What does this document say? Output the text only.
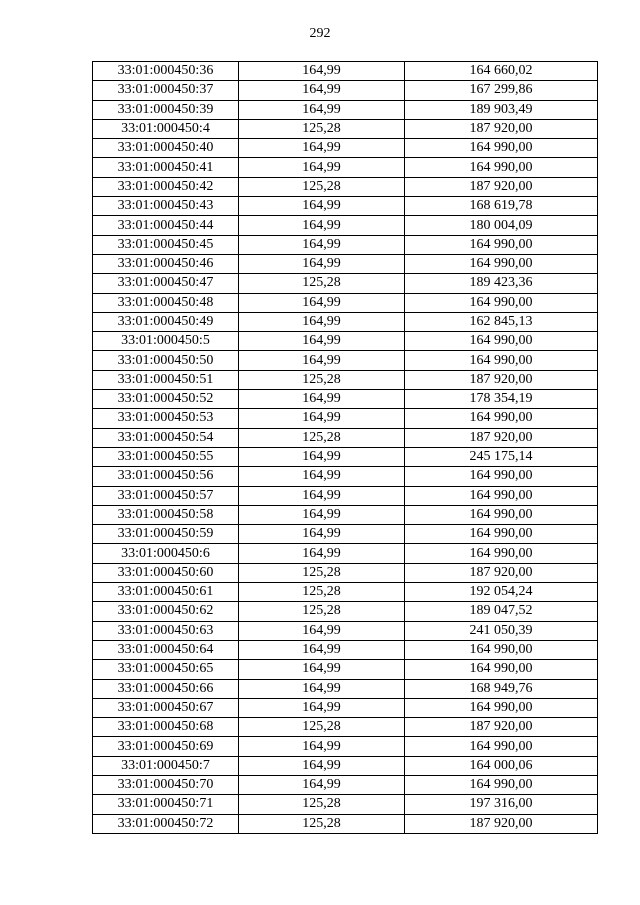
292
33:01:000450:36	164,99	164 660,02
33:01:000450:37	164,99	167 299,86
33:01:000450:39	164,99	189 903,49
33:01:000450:4	125,28	187 920,00
33:01:000450:40	164,99	164 990,00
33:01:000450:41	164,99	164 990,00
33:01:000450:42	125,28	187 920,00
33:01:000450:43	164,99	168 619,78
33:01:000450:44	164,99	180 004,09
33:01:000450:45	164,99	164 990,00
33:01:000450:46	164,99	164 990,00
33:01:000450:47	125,28	189 423,36
33:01:000450:48	164,99	164 990,00
33:01:000450:49	164,99	162 845,13
33:01:000450:5	164,99	164 990,00
33:01:000450:50	164,99	164 990,00
33:01:000450:51	125,28	187 920,00
33:01:000450:52	164,99	178 354,19
33:01:000450:53	164,99	164 990,00
33:01:000450:54	125,28	187 920,00
33:01:000450:55	164,99	245 175,14
33:01:000450:56	164,99	164 990,00
33:01:000450:57	164,99	164 990,00
33:01:000450:58	164,99	164 990,00
33:01:000450:59	164,99	164 990,00
33:01:000450:6	164,99	164 990,00
33:01:000450:60	125,28	187 920,00
33:01:000450:61	125,28	192 054,24
33:01:000450:62	125,28	189 047,52
33:01:000450:63	164,99	241 050,39
33:01:000450:64	164,99	164 990,00
33:01:000450:65	164,99	164 990,00
33:01:000450:66	164,99	168 949,76
33:01:000450:67	164,99	164 990,00
33:01:000450:68	125,28	187 920,00
33:01:000450:69	164,99	164 990,00
33:01:000450:7	164,99	164 000,06
33:01:000450:70	164,99	164 990,00
33:01:000450:71	125,28	197 316,00
33:01:000450:72	125,28	187 920,00
